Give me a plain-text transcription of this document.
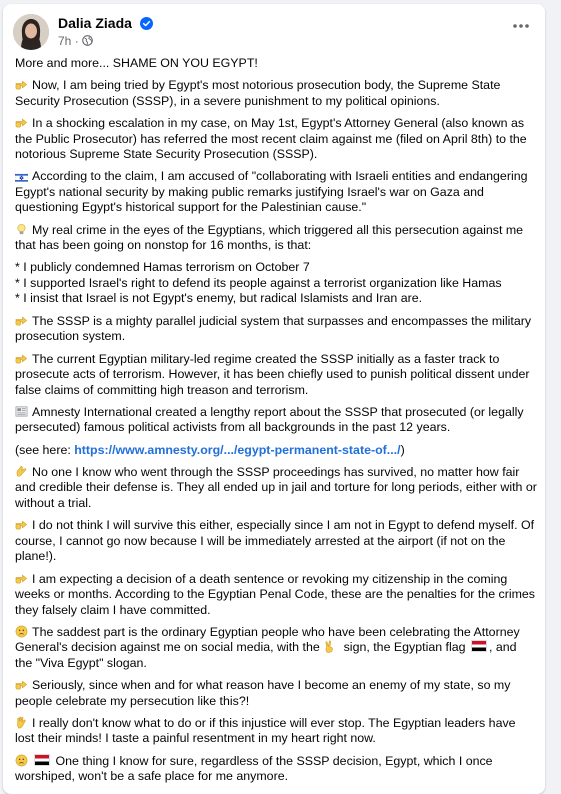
Dalia Ziada
7h ·

More and more... SHAME ON YOU EGYPT!

Now, I am being tried by Egypt's most notorious prosecution body, the Supreme State Security Prosecution (SSSP), in a severe punishment to my political opinions.

In a shocking escalation in my case, on May 1st, Egypt's Attorney General (also known as the Public Prosecutor) has referred the most recent claim against me (filed on April 8th) to the notorious Supreme State Security Prosecution (SSSP).

According to the claim, I am accused of "collaborating with Israeli entities and endangering Egypt's national security by making public remarks justifying Israel's war on Gaza and questioning Egypt's historical support for the Palestinian cause."

My real crime in the eyes of the Egyptians, which triggered all this persecution against me that has been going on nonstop for 16 months, is that:

* I publicly condemned Hamas terrorism on October 7
* I supported Israel's right to defend its people against a terrorist organization like Hamas
* I insist that Israel is not Egypt's enemy, but radical Islamists and Iran are.

The SSSP is a mighty parallel judicial system that surpasses and encompasses the military prosecution system.

The current Egyptian military-led regime created the SSSP initially as a faster track to prosecute acts of terrorism. However, it has been chiefly used to punish political dissent under false claims of committing high treason and terrorism.

Amnesty International created a lengthy report about the SSSP that prosecuted (or legally persecuted) famous political activists from all backgrounds in the past 12 years.

(see here: https://www.amnesty.org/.../egypt-permanent-state-of.../)

No one I know who went through the SSSP proceedings has survived, no matter how fair and credible their defense is. They all ended up in jail and torture for long periods, either with or without a trial.

I do not think I will survive this either, especially since I am not in Egypt to defend myself. Of course, I cannot go now because I will be immediately arrested at the airport (if not on the plane!).

I am expecting a decision of a death sentence or revoking my citizenship in the coming weeks or months. According to the Egyptian Penal Code, these are the penalties for the crimes they falsely claim I have committed.

The saddest part is the ordinary Egyptian people who have been celebrating the Attorney General's decision against me on social media, with the  sign, the Egyptian flag , and the "Viva Egypt" slogan.

Seriously, since when and for what reason have I become an enemy of my state, so my people celebrate my persecution like this?!

I really don't know what to do or if this injustice will ever stop. The Egyptian leaders have lost their minds! I taste a painful resentment in my heart right now.

One thing I know for sure, regardless of the SSSP decision, Egypt, which I once worshiped, won't be a safe place for me anymore.
